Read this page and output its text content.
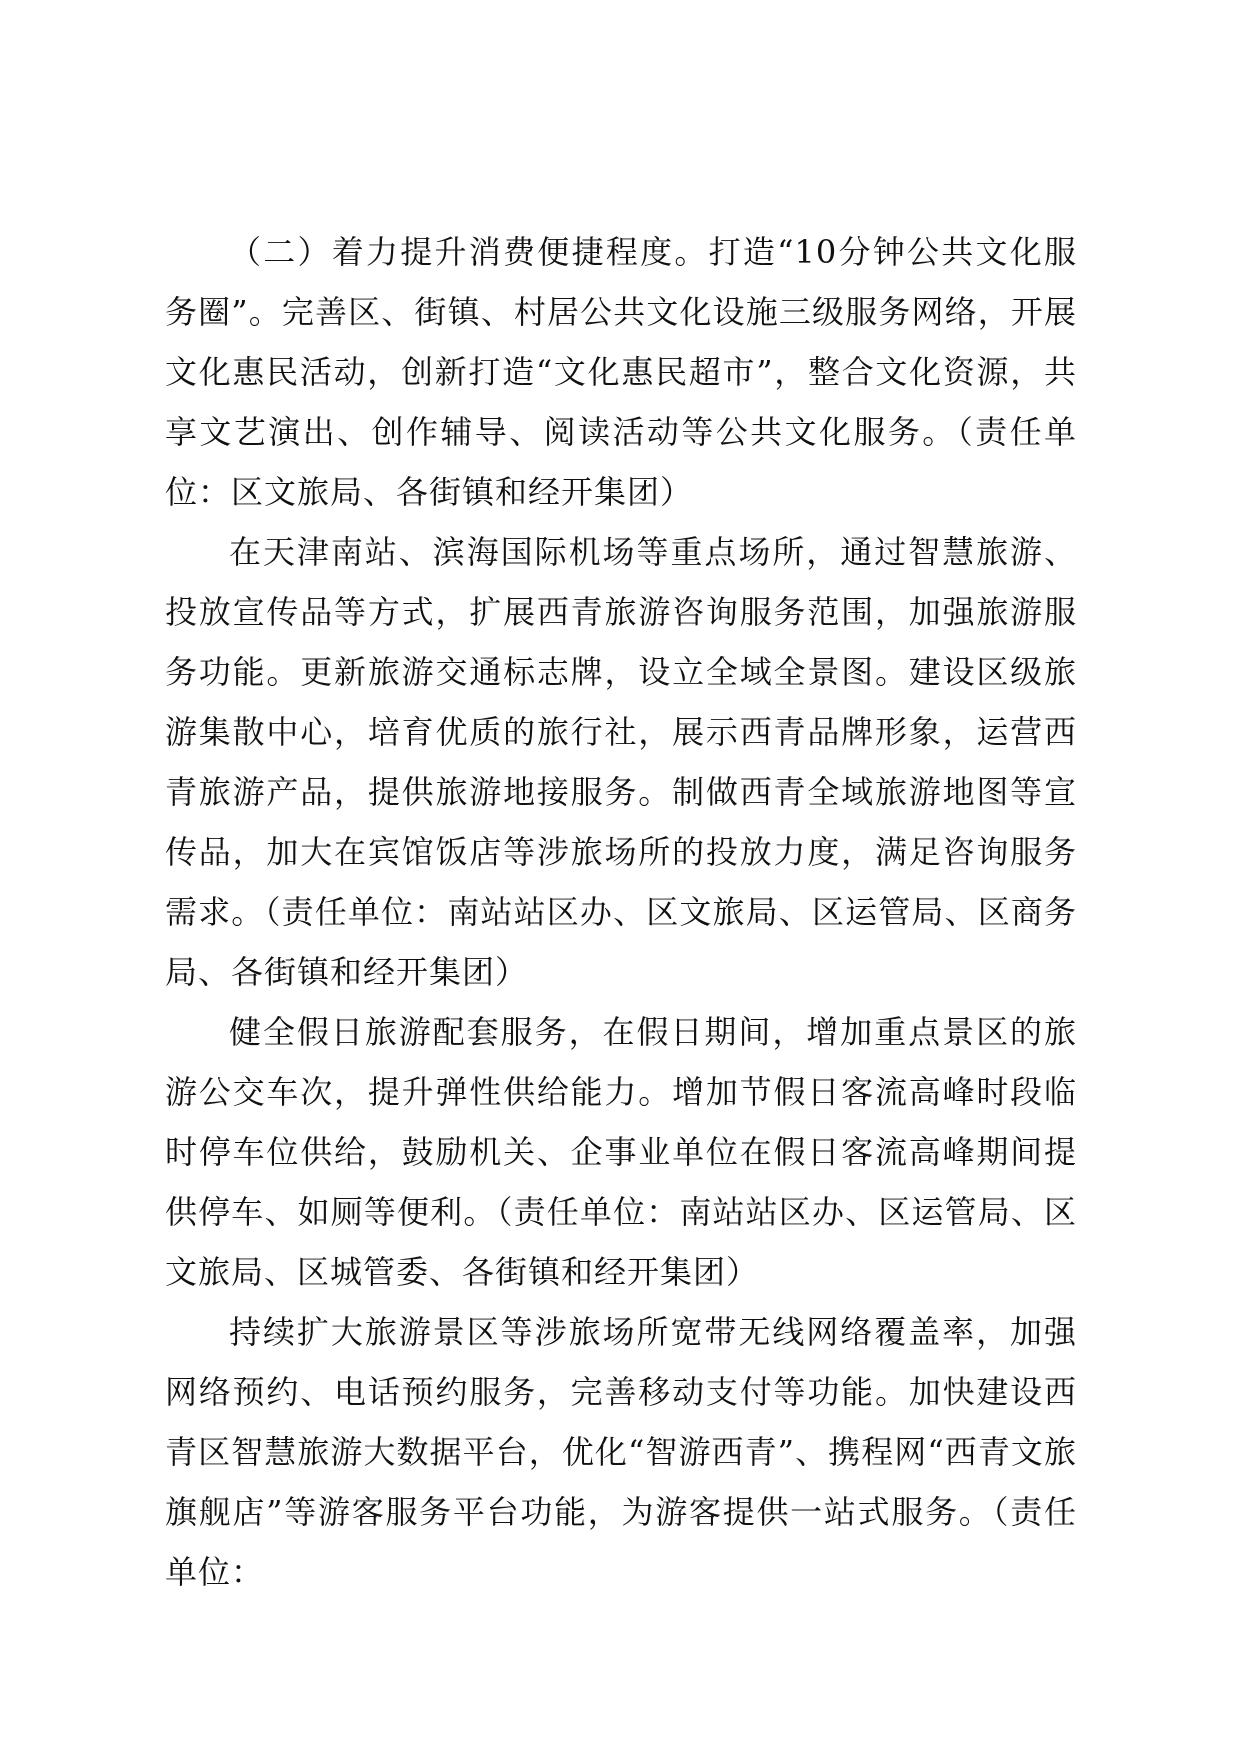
（二）着力提升消费便捷程度。打造“10分钟公共文化服务圈”。完善区、街镇、村居公共文化设施三级服务网络，开展文化惠民活动，创新打造“文化惠民超市”，整合文化资源，共享文艺演出、创作辅导、阅读活动等公共文化服务。（责任单位：区文旅局、各街镇和经开集团）

在天津南站、滨海国际机场等重点场所，通过智慧旅游、投放宣传品等方式，扩展西青旅游咨询服务范围，加强旅游服务功能。更新旅游交通标志牌，设立全域全景图。建设区级旅游集散中心，培育优质的旅行社，展示西青品牌形象，运营西青旅游产品，提供旅游地接服务。制做西青全域旅游地图等宣传品，加大在宾馆饭店等涉旅场所的投放力度，满足咨询服务需求。（责任单位：南站站区办、区文旅局、区运管局、区商务局、各街镇和经开集团）

健全假日旅游配套服务，在假日期间，增加重点景区的旅游公交车次，提升弹性供给能力。增加节假日客流高峰时段临时停车位供给，鼓励机关、企事业单位在假日客流高峰期间提供停车、如厕等便利。（责任单位：南站站区办、区运管局、区文旅局、区城管委、各街镇和经开集团）

持续扩大旅游景区等涉旅场所宽带无线网络覆盖率，加强网络预约、电话预约服务，完善移动支付等功能。加快建设西青区智慧旅游大数据平台，优化“智游西青”、携程网“西青文旅旗舰店”等游客服务平台功能，为游客提供一站式服务。（责任单位：
